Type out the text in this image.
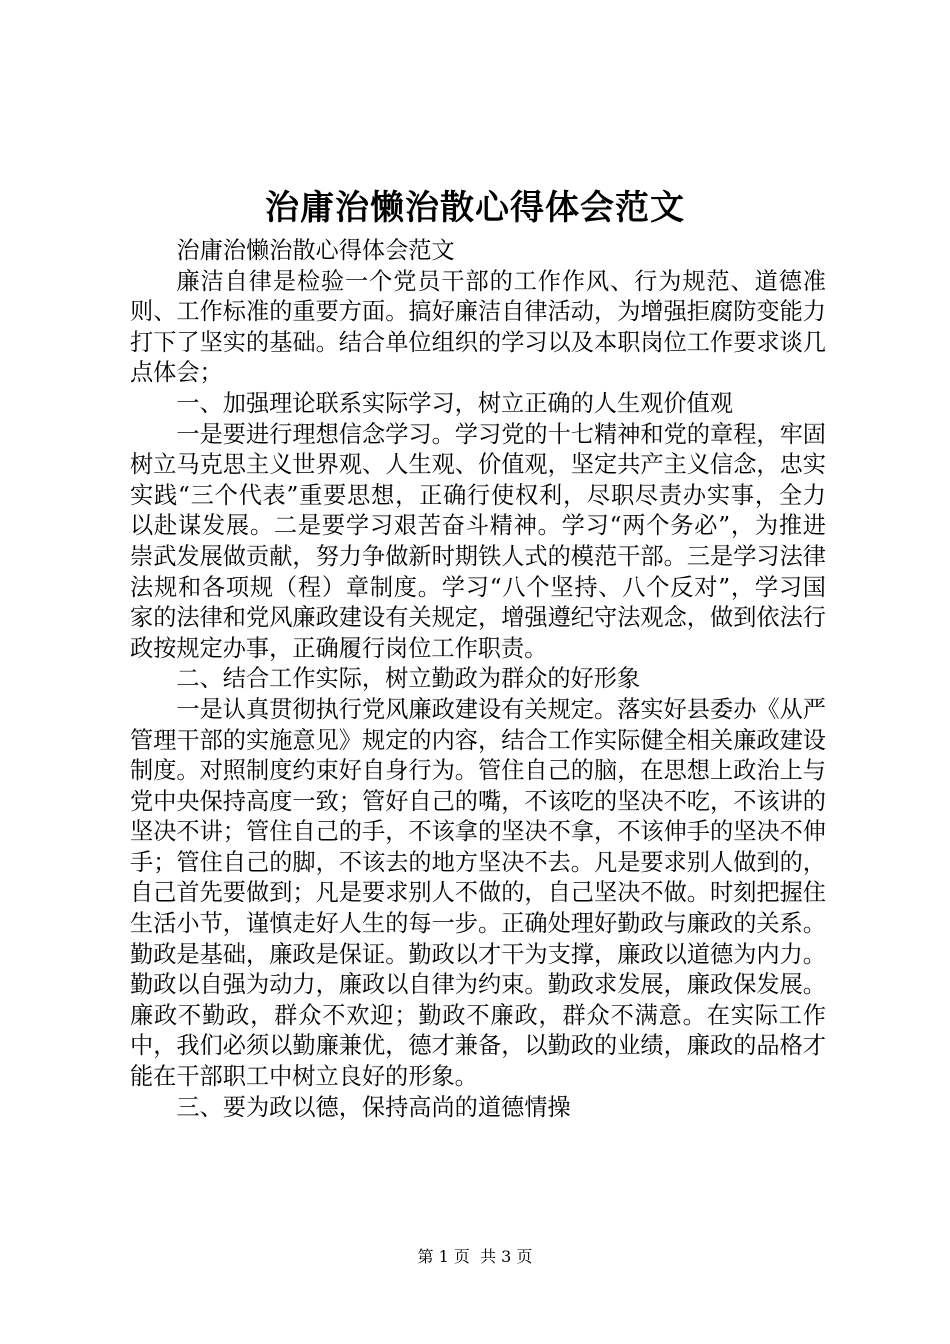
治庸治懒治散心得体会范文

治庸治懒治散心得体会范文

廉洁自律是检验一个党员干部的工作作风、行为规范、道德准则、工作标准的重要方面。搞好廉洁自律活动，为增强拒腐防变能力打下了坚实的基础。结合单位组织的学习以及本职岗位工作要求谈几点体会；

一、加强理论联系实际学习，树立正确的人生观价值观

一是要进行理想信念学习。学习党的十七精神和党的章程，牢固树立马克思主义世界观、人生观、价值观，坚定共产主义信念，忠实实践“三个代表”重要思想，正确行使权利，尽职尽责办实事，全力以赴谋发展。二是要学习艰苦奋斗精神。学习“两个务必”，为推进崇武发展做贡献，努力争做新时期铁人式的模范干部。三是学习法律法规和各项规（程）章制度。学习“八个坚持、八个反对”，学习国家的法律和党风廉政建设有关规定，增强遵纪守法观念，做到依法行政按规定办事，正确履行岗位工作职责。

二、结合工作实际，树立勤政为群众的好形象

一是认真贯彻执行党风廉政建设有关规定。落实好县委办《从严管理干部的实施意见》规定的内容，结合工作实际健全相关廉政建设制度。对照制度约束好自身行为。管住自己的脑，在思想上政治上与党中央保持高度一致；管好自己的嘴，不该吃的坚决不吃，不该讲的坚决不讲；管住自己的手，不该拿的坚决不拿，不该伸手的坚决不伸手；管住自己的脚，不该去的地方坚决不去。凡是要求别人做到的，自己首先要做到；凡是要求别人不做的，自己坚决不做。时刻把握住生活小节，谨慎走好人生的每一步。正确处理好勤政与廉政的关系。勤政是基础，廉政是保证。勤政以才干为支撑，廉政以道德为内力。勤政以自强为动力，廉政以自律为约束。勤政求发展，廉政保发展。廉政不勤政，群众不欢迎；勤政不廉政，群众不满意。在实际工作中，我们必须以勤廉兼优，德才兼备，以勤政的业绩，廉政的品格才能在干部职工中树立良好的形象。

三、要为政以德，保持高尚的道德情操

第 1 页  共 3 页
